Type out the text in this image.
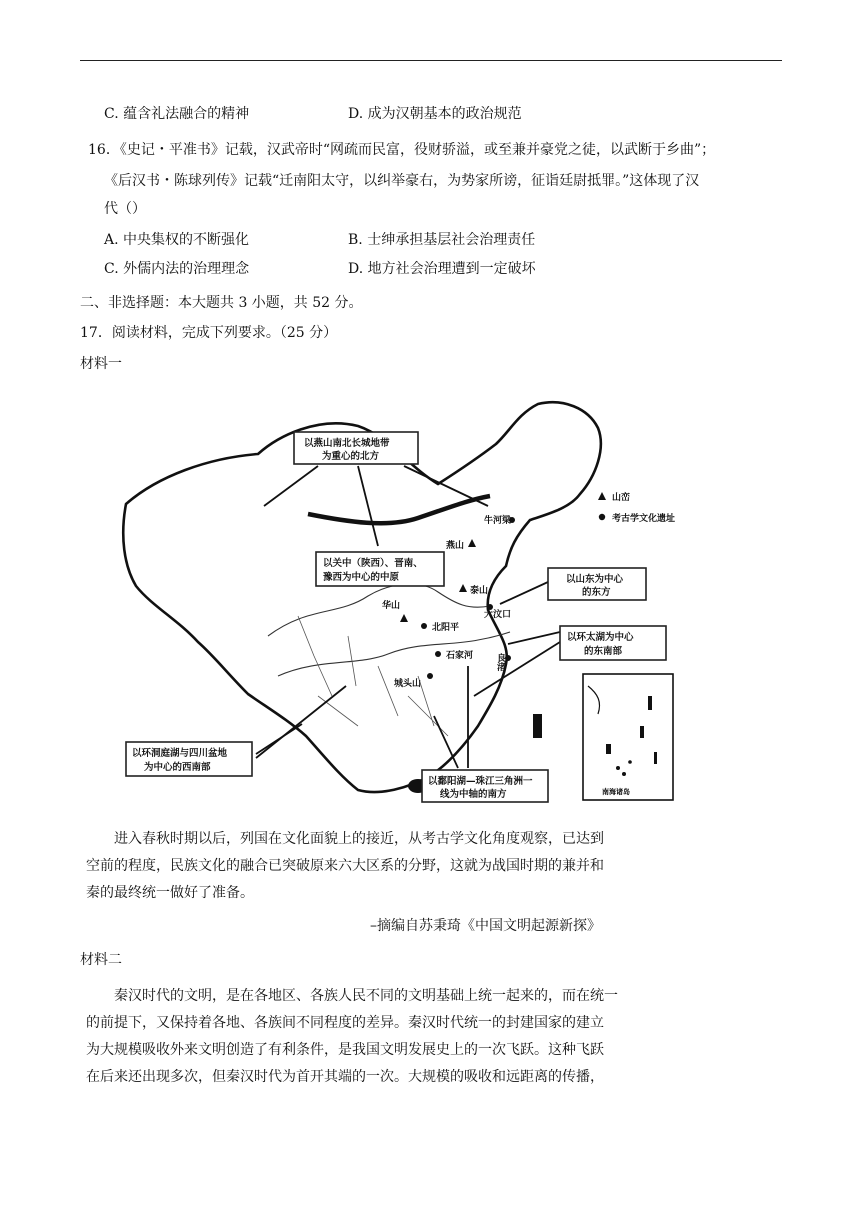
C. 蕴含礼法融合的精神	D. 成为汉朝基本的政治规范
16．《史记・平准书》记载，汉武帝时“网疏而民富，役财骄溢，或至兼并豪党之徒，以武断于乡曲”；
《后汉书・陈球列传》记载“迁南阳太守，以纠举豪右，为势家所谤，征诣廷尉抵罪。”这体现了汉
代（）
A. 中央集权的不断强化	B. 士绅承担基层社会治理责任
C. 外儒内法的治理理念	D. 地方社会治理遭到一定破坏
二、非选择题：本大题共 3 小题，共 52 分。
17．阅读材料，完成下列要求。（25 分）
材料一
南海诸岛
山峦
考古学文化遗址
以燕山南北长城地带
为重心的北方
以关中（陕西）、晋南、
豫西为中心的中原	以山东为中心
的东方
以环太湖为中心
的东南部
以环洞庭湖与四川盆地
为中心的西南部
以鄱阳湖—珠江三角洲一
线为中轴的南方
牛河梁
燕山
泰山
大汶口
华山
北阳平
石家河 良渚
城头山
进入春秋时期以后，列国在文化面貌上的接近，从考古学文化角度观察，已达到
空前的程度，民族文化的融合已突破原来六大区系的分野，这就为战国时期的兼并和
秦的最终统一做好了准备。
–摘编自苏秉琦《中国文明起源新探》
材料二
秦汉时代的文明，是在各地区、各族人民不同的文明基础上统一起来的，而在统一
的前提下，又保持着各地、各族间不同程度的差异。秦汉时代统一的封建国家的建立
为大规模吸收外来文明创造了有利条件，是我国文明发展史上的一次飞跃。这种飞跃
在后来还出现多次，但秦汉时代为首开其端的一次。大规模的吸收和远距离的传播，
